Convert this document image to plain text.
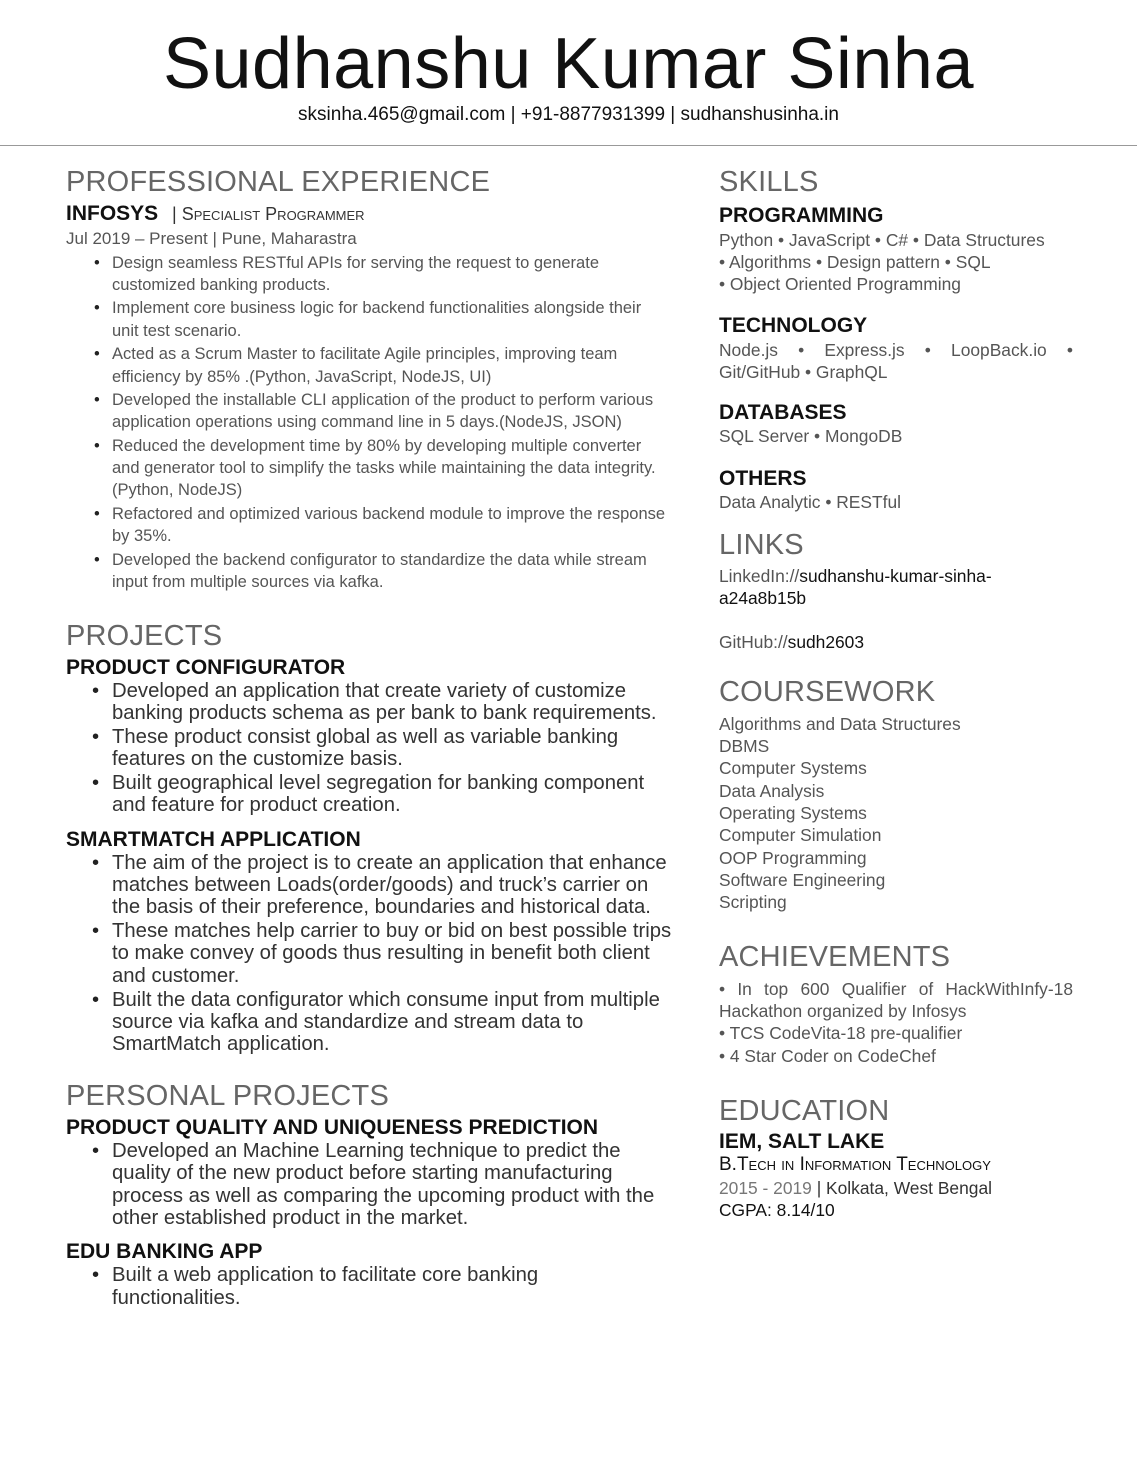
Sudhanshu Kumar Sinha
sksinha.465@gmail.com | +91-8877931399 | sudhanshusinha.in
PROFESSIONAL EXPERIENCE
INFOSYS | Specialist Programmer
Jul 2019 – Present | Pune, Maharastra
• Design seamless RESTful APIs for serving the request to generate customized banking products.
• Implement core business logic for backend functionalities alongside their unit test scenario.
• Acted as a Scrum Master to facilitate Agile principles, improving team efficiency by 85% .(Python, JavaScript, NodeJS, UI)
• Developed the installable CLI application of the product to perform various application operations using command line in 5 days.(NodeJS, JSON)
• Reduced the development time by 80% by developing multiple converter and generator tool to simplify the tasks while maintaining the data integrity.(Python, NodeJS)
• Refactored and optimized various backend module to improve the response by 35%.
• Developed the backend configurator to standardize the data while stream input from multiple sources via kafka.
PROJECTS
PRODUCT CONFIGURATOR
• Developed an application that create variety of customize banking products schema as per bank to bank requirements.
• These product consist global as well as variable banking features on the customize basis.
• Built geographical level segregation for banking component and feature for product creation.
SMARTMATCH APPLICATION
• The aim of the project is to create an application that enhance matches between Loads(order/goods) and truck’s carrier on the basis of their preference, boundaries and historical data.
• These matches help carrier to buy or bid on best possible trips to make convey of goods thus resulting in benefit both client and customer.
• Built the data configurator which consume input from multiple source via kafka and standardize and stream data to SmartMatch application.
PERSONAL PROJECTS
PRODUCT QUALITY AND UNIQUENESS PREDICTION
• Developed an Machine Learning technique to predict the quality of the new product before starting manufacturing process as well as comparing the upcoming product with the other established product in the market.
EDU BANKING APP
• Built a web application to facilitate core banking functionalities.
SKILLS
PROGRAMMING
Python • JavaScript • C# • Data Structures
• Algorithms • Design pattern • SQL
• Object Oriented Programming
TECHNOLOGY
Node.js • Express.js • LoopBack.io •
Git/GitHub • GraphQL
DATABASES
SQL Server • MongoDB
OTHERS
Data Analytic • RESTful
LINKS
LinkedIn://sudhanshu-kumar-sinha-
a24a8b15b
GitHub://sudh2603
COURSEWORK
Algorithms and Data Structures
DBMS
Computer Systems
Data Analysis
Operating Systems
Computer Simulation
OOP Programming
Software Engineering
Scripting
ACHIEVEMENTS
• In top 600 Qualifier of HackWithInfy-18
Hackathon organized by Infosys
• TCS CodeVita-18 pre-qualifier
• 4 Star Coder on CodeChef
EDUCATION
IEM, SALT LAKE
B.Tech in Information Technology
2015 - 2019 | Kolkata, West Bengal
CGPA: 8.14/10
